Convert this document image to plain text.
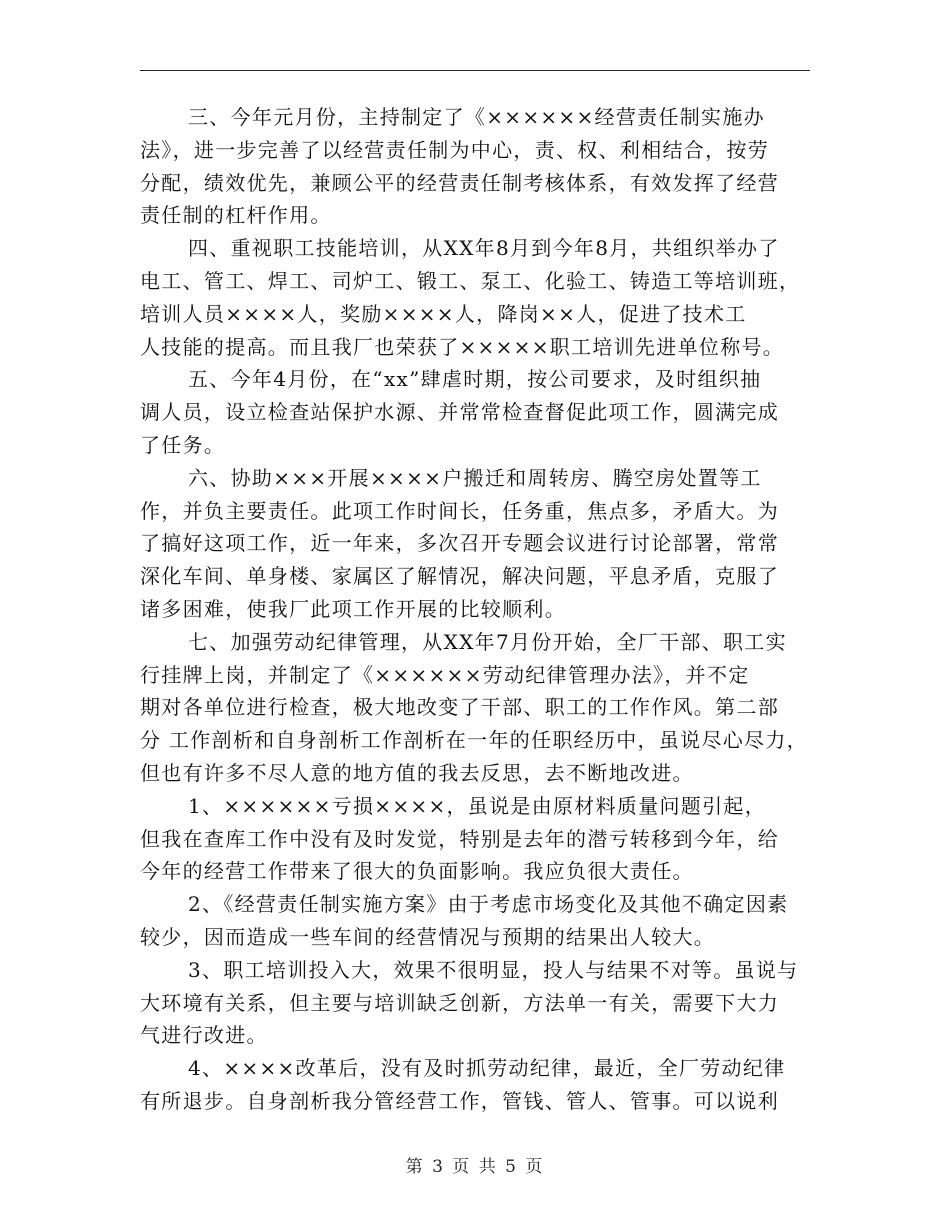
三、今年元月份，主持制定了《××××××经营责任制实施办
法》，进一步完善了以经营责任制为中心，责、权、利相结合，按劳
分配，绩效优先，兼顾公平的经营责任制考核体系，有效发挥了经营
责任制的杠杆作用。
四、重视职工技能培训，从XX年8月到今年8月，共组织举办了
电工、管工、焊工、司炉工、锻工、泵工、化验工、铸造工等培训班，
培训人员××××人，奖励××××人，降岗××人，促进了技术工
人技能的提高。而且我厂也荣获了×××××职工培训先进单位称号。
五、今年4月份，在“xx”肆虐时期，按公司要求，及时组织抽
调人员，设立检查站保护水源、并常常检查督促此项工作，圆满完成
了任务。
六、协助×××开展××××户搬迁和周转房、腾空房处置等工
作，并负主要责任。此项工作时间长，任务重，焦点多，矛盾大。为
了搞好这项工作，近一年来，多次召开专题会议进行讨论部署，常常
深化车间、单身楼、家属区了解情况，解决问题，平息矛盾，克服了
诸多困难，使我厂此项工作开展的比较顺利。
七、加强劳动纪律管理，从XX年7月份开始，全厂干部、职工实
行挂牌上岗，并制定了《××××××劳动纪律管理办法》，并不定
期对各单位进行检查，极大地改变了干部、职工的工作作风。第二部
分 工作剖析和自身剖析工作剖析在一年的任职经历中，虽说尽心尽力，
但也有许多不尽人意的地方值的我去反思，去不断地改进。
1、××××××亏损××××，虽说是由原材料质量问题引起，
但我在查库工作中没有及时发觉，特别是去年的潜亏转移到今年，给
今年的经营工作带来了很大的负面影响。我应负很大责任。
2、《经营责任制实施方案》由于考虑市场变化及其他不确定因素
较少，因而造成一些车间的经营情况与预期的结果出人较大。
3、职工培训投入大，效果不很明显，投人与结果不对等。虽说与
大环境有关系，但主要与培训缺乏创新，方法单一有关，需要下大力
气进行改进。
4、××××改革后，没有及时抓劳动纪律，最近，全厂劳动纪律
有所退步。自身剖析我分管经营工作，管钱、管人、管事。可以说利
第 3 页 共 5 页
